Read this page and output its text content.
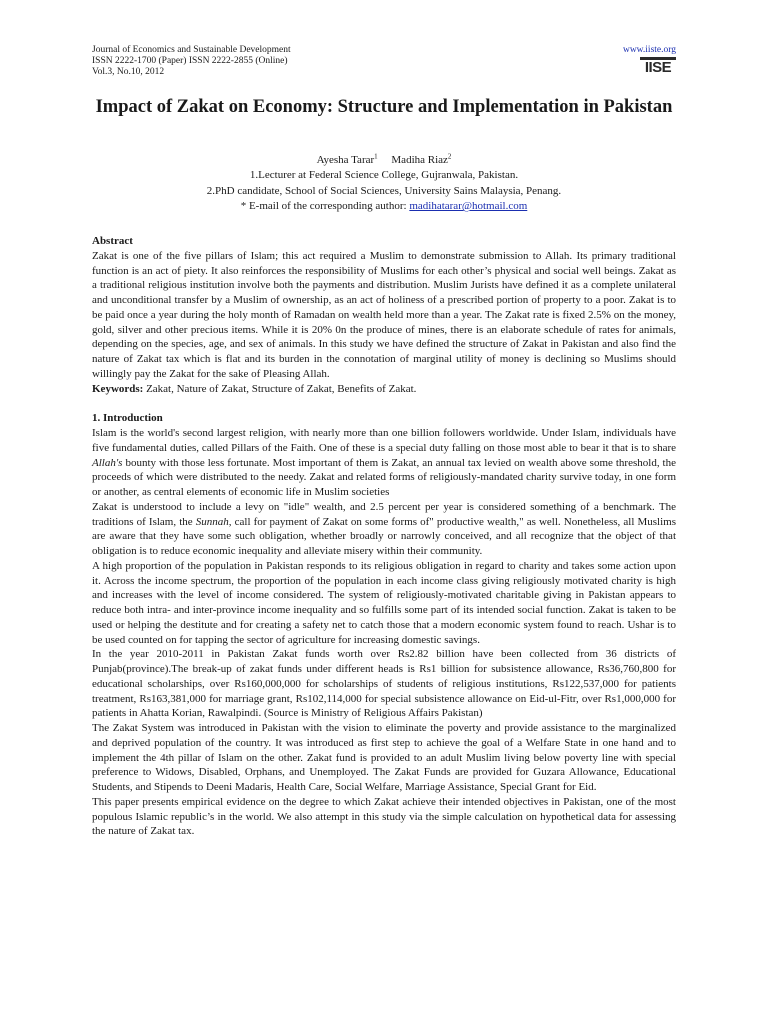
Journal of Economics and Sustainable Development
ISSN 2222-1700 (Paper) ISSN 2222-2855 (Online)
Vol.3, No.10, 2012
www.iiste.org
IISE
Impact of Zakat on Economy: Structure and Implementation in Pakistan
Ayesha Tarar$^1$ Madiha Riaz$^2$
1.Lecturer at Federal Science College, Gujranwala, Pakistan.
2.PhD candidate, School of Social Sciences, University Sains Malaysia, Penang.
* E-mail of the corresponding author: madihatarar@hotmail.com

Abstract

Zakat is one of the five pillars of Islam; this act required a Muslim to demonstrate submission to Allah. Its primary traditional function is an act of piety. It also reinforces the responsibility of Muslims for each other’s physical and social well beings. Zakat as a traditional religious institution involve both the payments and distribution. Muslim Jurists have defined it as a complete unilateral and unconditional transfer by a Muslim of ownership, as an act of holiness of a prescribed portion of property to a poor. Zakat is to be paid once a year during the holy month of Ramadan on wealth held more than a year. The Zakat rate is fixed 2.5% on the money, gold, silver and other precious items. While it is 20% 0n the produce of mines, there is an elaborate schedule of rates for animals, depending on the species, age, and sex of animals. In this study we have defined the structure of Zakat in Pakistan and also find the nature of Zakat tax which is flat and its burden in the connotation of marginal utility of money is declining so Muslims should willingly pay the Zakat for the sake of Pleasing Allah.

Keywords: Zakat, Nature of Zakat, Structure of Zakat, Benefits of Zakat.

1. Introduction

Islam is the world's second largest religion, with nearly more than one billion followers worldwide. Under Islam, individuals have five fundamental duties, called Pillars of the Faith. One of these is a special duty falling on those most able to bear it that is to share Allah's bounty with those less fortunate. Most important of them is Zakat, an annual tax levied on wealth above some threshold, the proceeds of which were distributed to the needy. Zakat and related forms of religiously-mandated charity survive today, in one form or another, as central elements of economic life in Muslim societies

Zakat is understood to include a levy on "idle" wealth, and 2.5 percent per year is considered something of a benchmark. The traditions of Islam, the Sunnah, call for payment of Zakat on some forms of" productive wealth," as well. Nonetheless, all Muslims are aware that they have some such obligation, whether broadly or narrowly conceived, and all recognize that the object of that obligation is to reduce economic inequality and alleviate misery within their community.

A high proportion of the population in Pakistan responds to its religious obligation in regard to charity and takes some action upon it. Across the income spectrum, the proportion of the population in each income class giving religiously motivated charity is high and increases with the level of income considered. The system of religiously-motivated charitable giving in Pakistan appears to reduce both intra- and inter-province income inequality and so fulfills some part of its intended social function. Zakat is taken to be used or helping the destitute and for creating a safety net to catch those that a modern economic system found to reach. Ushar is to be used counted on for tapping the sector of agriculture for increasing domestic savings.

In the year 2010-2011 in Pakistan Zakat funds worth over Rs2.82 billion have been collected from 36 districts of Punjab(province).The break-up of zakat funds under different heads is Rs1 billion for subsistence allowance, Rs36,760,800 for educational scholarships, over Rs160,000,000 for scholarships of students of religious institutions, Rs122,537,000 for patients treatment, Rs163,381,000 for marriage grant, Rs102,114,000 for special subsistence allowance on Eid-ul-Fitr, over Rs1,000,000 for patients in Ahatta Korian, Rawalpindi. (Source is Ministry of Religious Affairs Pakistan)

The Zakat System was introduced in Pakistan with the vision to eliminate the poverty and provide assistance to the marginalized and deprived population of the country. It was introduced as first step to achieve the goal of a Welfare State in one hand and to implement the 4th pillar of Islam on the other. Zakat fund is provided to an adult Muslim living below poverty line with special preference to Widows, Disabled, Orphans, and Unemployed. The Zakat Funds are provided for Guzara Allowance, Educational Students, and Stipends to Deeni Madaris, Health Care, Social Welfare, Marriage Assistance, Special Grant for Eid.

This paper presents empirical evidence on the degree to which Zakat achieve their intended objectives in Pakistan, one of the most populous Islamic republic’s in the world. We also attempt in this study via the simple calculation on hypothetical data for assessing the nature of Zakat tax.
